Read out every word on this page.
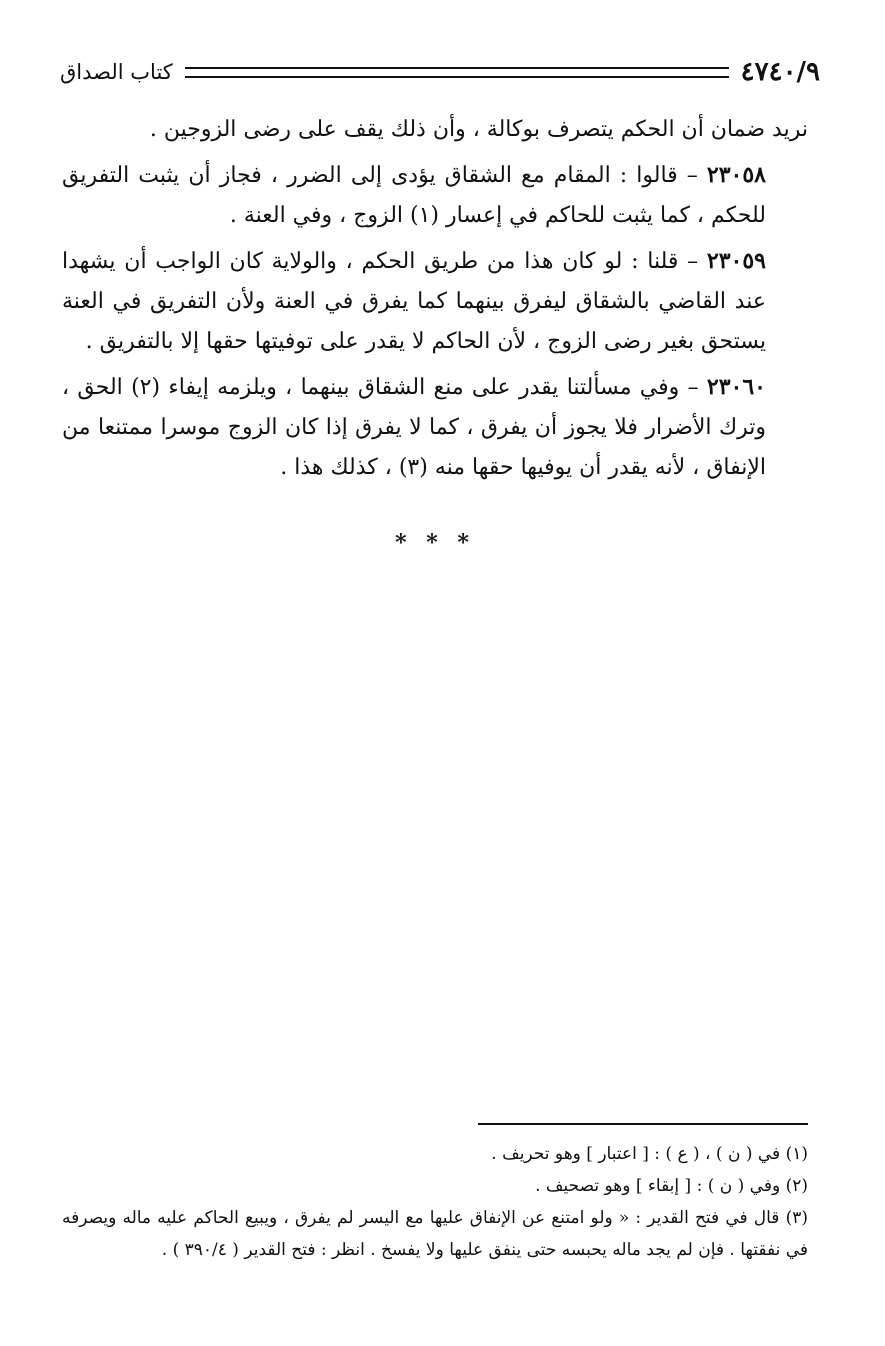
٤٧٤٠/٩
كتاب الصداق

نريد ضمان أن الحكم يتصرف بوكالة ، وأن ذلك يقف على رضى الزوجين .

٢٣٠٥٨ – قالوا : المقام مع الشقاق يؤدى إلى الضرر ، فجاز أن يثبت التفريق للحكم ، كما يثبت للحاكم في إعسار (١) الزوج ، وفي العنة .

٢٣٠٥٩ – قلنا : لو كان هذا من طريق الحكم ، والولاية كان الواجب أن يشهدا عند القاضي بالشقاق ليفرق بينهما كما يفرق في العنة ولأن التفريق في العنة يستحق بغير رضى الزوج ، لأن الحاكم لا يقدر على توفيتها حقها إلا بالتفريق .

٢٣٠٦٠ – وفي مسألتنا يقدر على منع الشقاق بينهما ، ويلزمه إيفاء (٢) الحق ، وترك الأضرار فلا يجوز أن يفرق ، كما لا يفرق إذا كان الزوج موسرا ممتنعا من الإنفاق ، لأنه يقدر أن يوفيها حقها منه (٣) ، كذلك هذا .

* * *

(١) في ( ن ) ، ( ع ) : [ اعتبار ] وهو تحريف .

(٢) وفي ( ن ) : [ إبقاء ] وهو تصحيف .

(٣) قال في فتح القدير : « ولو امتنع عن الإنفاق عليها مع اليسر لم يفرق ، ويبيع الحاكم عليه ماله ويصرفه في نفقتها . فإن لم يجد ماله يحبسه حتى ينفق عليها ولا يفسخ . انظر : فتح القدير ( ٣٩٠/٤ ) .
